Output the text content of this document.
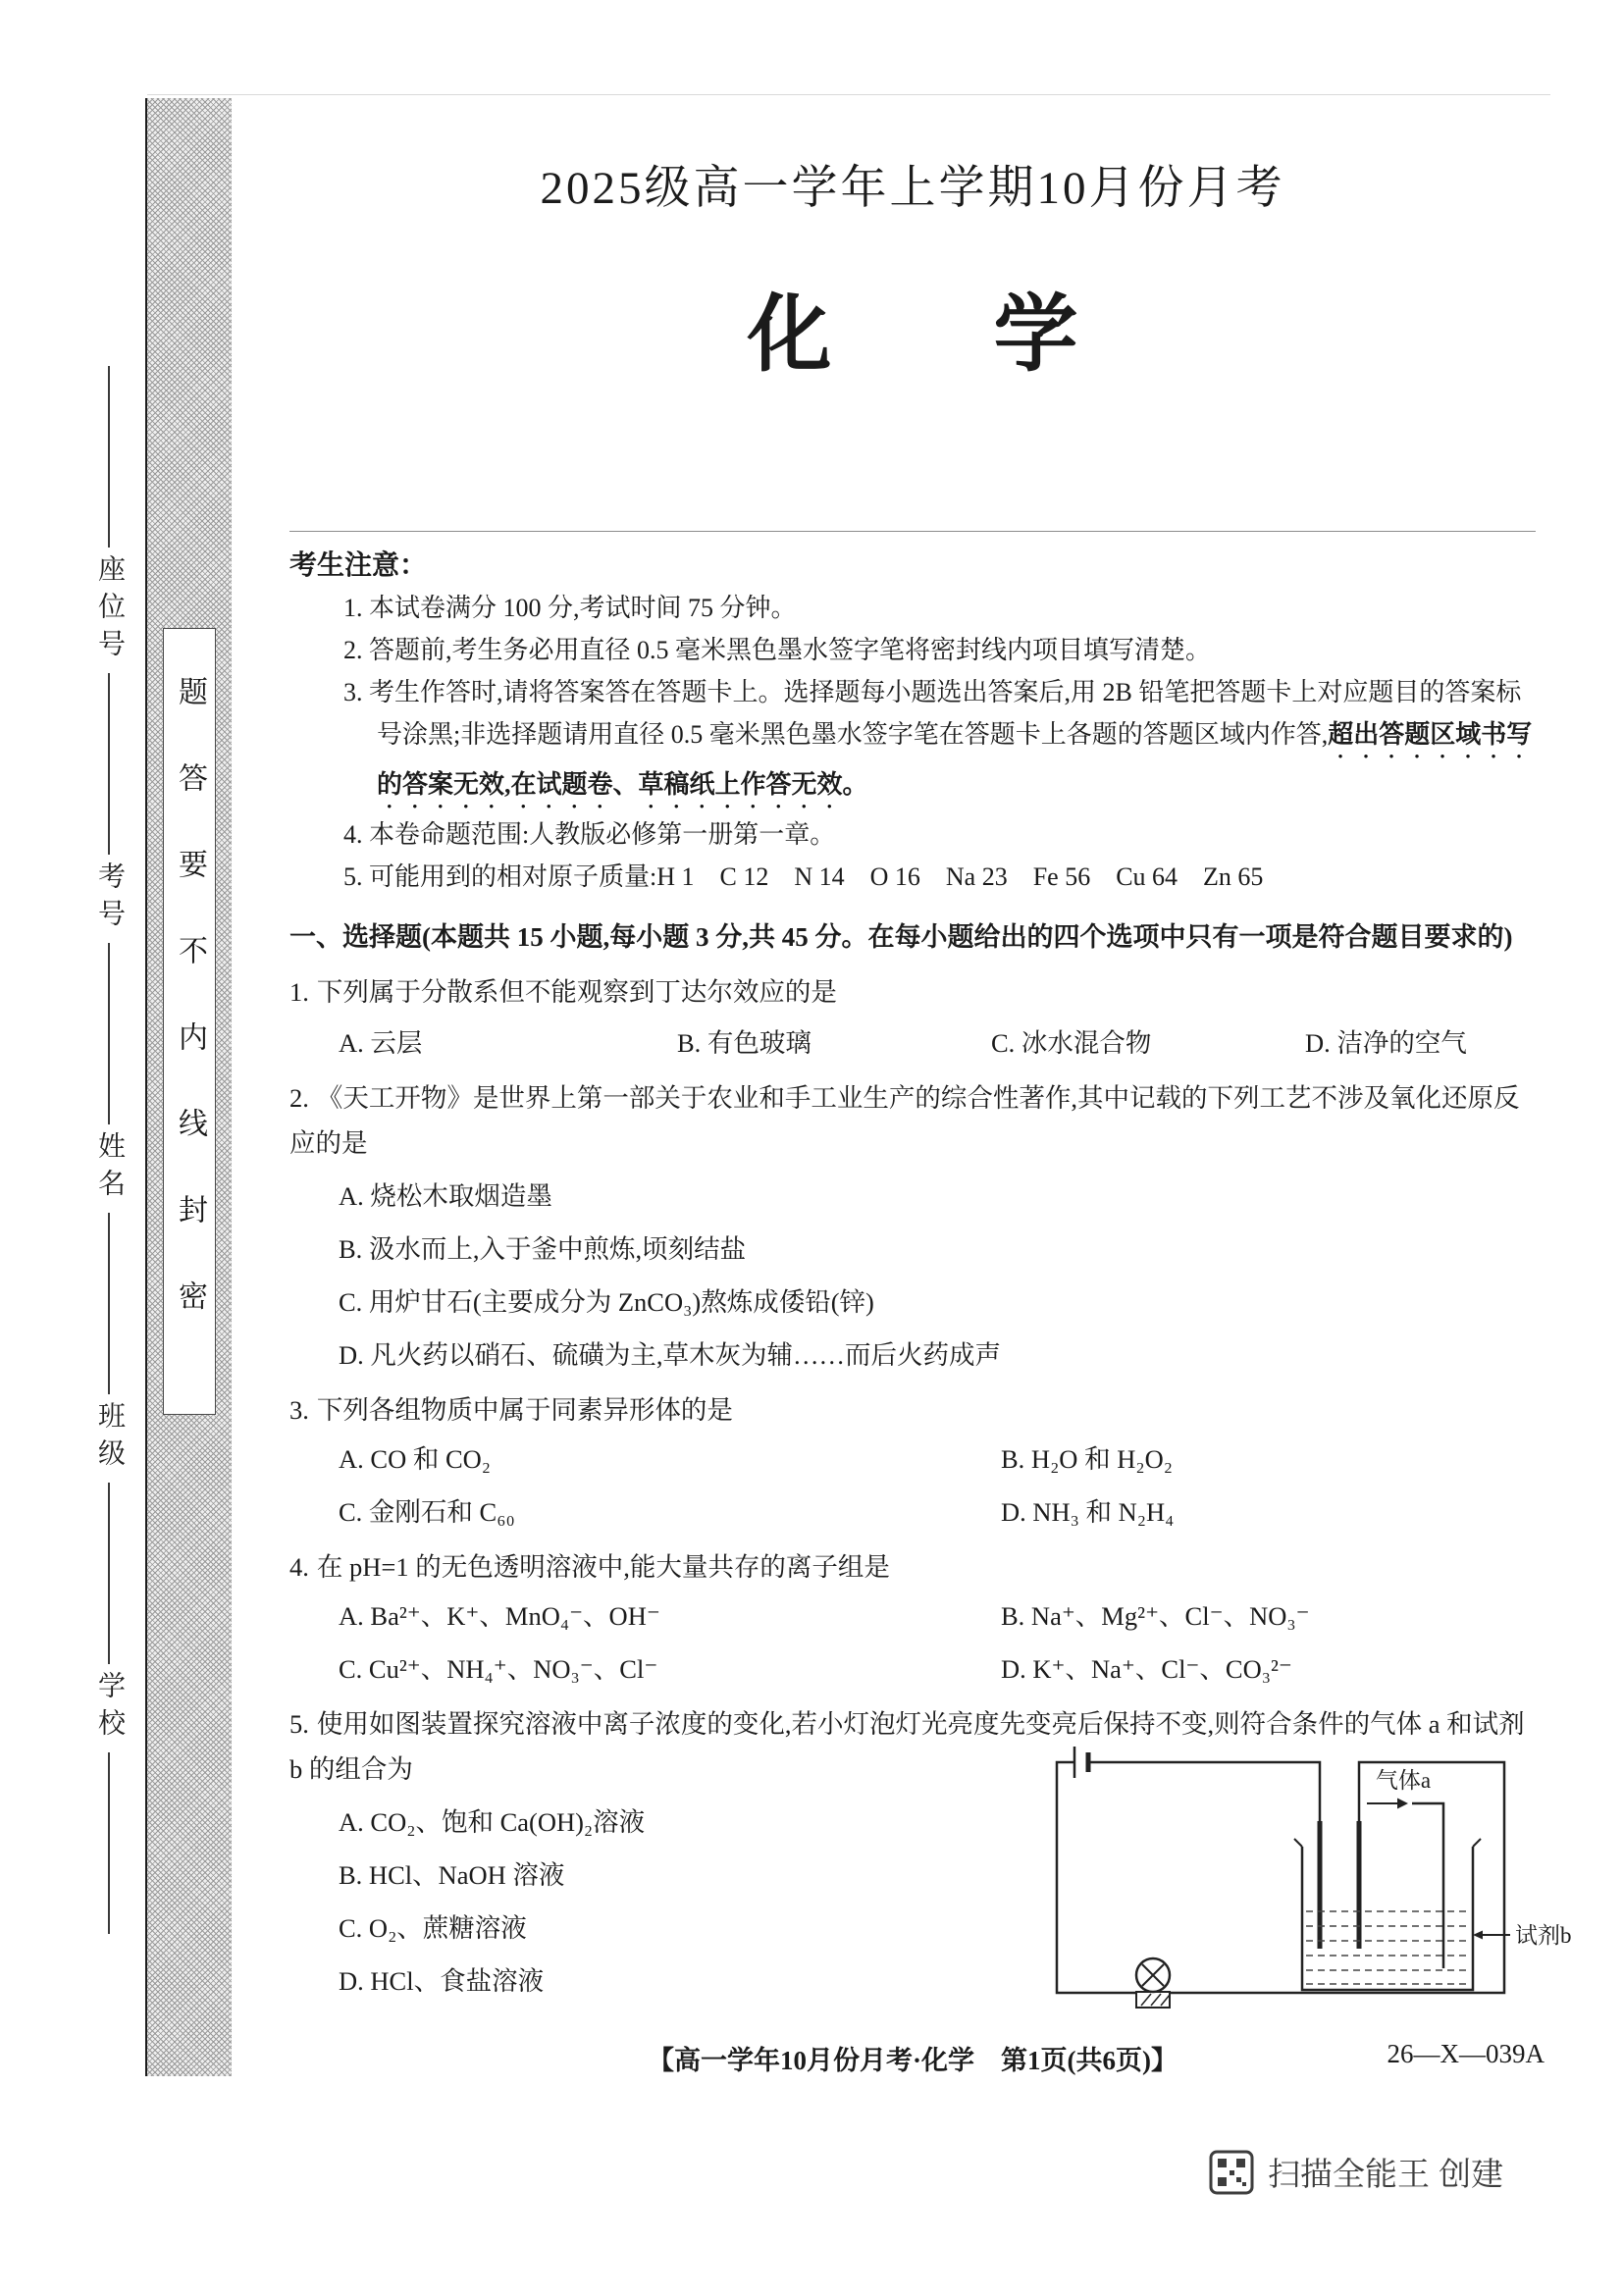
座位号
考号
姓名
班级
学校
题答要不内线封密
2025级高一学年上学期10月份月考
化学

考生注意：

1. 本试卷满分 100 分,考试时间 75 分钟。

2. 答题前,考生务必用直径 0.5 毫米黑色墨水签字笔将密封线内项目填写清楚。

3. 考生作答时,请将答案答在答题卡上。选择题每小题选出答案后,用 2B 铅笔把答题卡上对应题目的答案标号涂黑;非选择题请用直径 0.5 毫米黑色墨水签字笔在答题卡上各题的答题区域内作答,超出答题区域书写的答案无效,在试题卷、草稿纸上作答无效。

4. 本卷命题范围:人教版必修第一册第一章。

5. 可能用到的相对原子质量:H 1　C 12　N 14　O 16　Na 23　Fe 56　Cu 64　Zn 65

一、选择题(本题共 15 小题,每小题 3 分,共 45 分。在每小题给出的四个选项中只有一项是符合题目要求的)

1. 下列属于分散系但不能观察到丁达尔效应的是

A. 云层	B. 有色玻璃	C. 冰水混合物	D. 洁净的空气

2. 《天工开物》是世界上第一部关于农业和手工业生产的综合性著作,其中记载的下列工艺不涉及氧化还原反应的是

A. 烧松木取烟造墨
B. 汲水而上,入于釜中煎炼,顷刻结盐
C. 用炉甘石(主要成分为 ZnCO₃)熬炼成倭铅(锌)
D. 凡火药以硝石、硫磺为主,草木灰为辅……而后火药成声

3. 下列各组物质中属于同素异形体的是

A. CO 和 CO₂	B. H₂O 和 H₂O₂
C. 金刚石和 C₆₀	D. NH₃ 和 N₂H₄

4. 在 pH=1 的无色透明溶液中,能大量共存的离子组是

A. Ba²⁺、K⁺、MnO₄⁻、OH⁻	B. Na⁺、Mg²⁺、Cl⁻、NO₃⁻
C. Cu²⁺、NH₄⁺、NO₃⁻、Cl⁻	D. K⁺、Na⁺、Cl⁻、CO₃²⁻

5. 使用如图装置探究溶液中离子浓度的变化,若小灯泡灯光亮度先变亮后保持不变,则符合条件的气体 a 和试剂 b 的组合为

A. CO₂、饱和 Ca(OH)₂溶液
B. HCl、NaOH 溶液
C. O₂、蔗糖溶液
D. HCl、食盐溶液
气体a
试剂b
【高一学年10月份月考·化学　第1页(共6页)】	26—X—039A
扫描全能王 创建
